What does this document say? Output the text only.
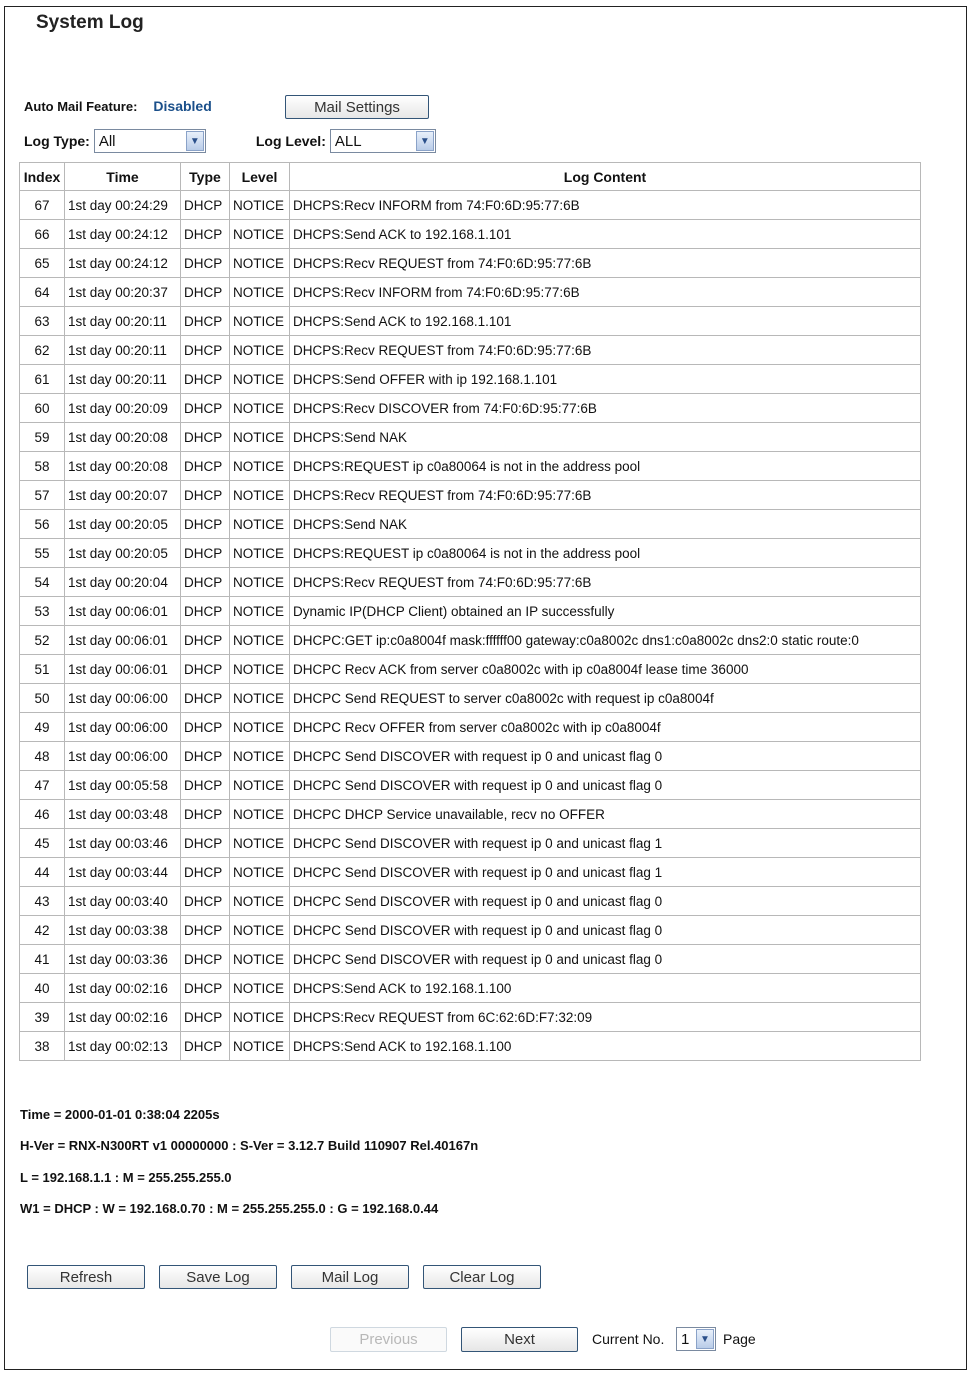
System Log
Auto Mail Feature: Disabled	Mail Settings
Log Type: All	▼	Log Level: ALL	▼
Index	Time	Type	Level	Log Content
67	1st day 00:24:29	DHCP	NOTICE	DHCPS:Recv INFORM from 74:F0:6D:95:77:6B
66	1st day 00:24:12	DHCP	NOTICE	DHCPS:Send ACK to 192.168.1.101
65	1st day 00:24:12	DHCP	NOTICE	DHCPS:Recv REQUEST from 74:F0:6D:95:77:6B
64	1st day 00:20:37	DHCP	NOTICE	DHCPS:Recv INFORM from 74:F0:6D:95:77:6B
63	1st day 00:20:11	DHCP	NOTICE	DHCPS:Send ACK to 192.168.1.101
62	1st day 00:20:11	DHCP	NOTICE	DHCPS:Recv REQUEST from 74:F0:6D:95:77:6B
61	1st day 00:20:11	DHCP	NOTICE	DHCPS:Send OFFER with ip 192.168.1.101
60	1st day 00:20:09	DHCP	NOTICE	DHCPS:Recv DISCOVER from 74:F0:6D:95:77:6B
59	1st day 00:20:08	DHCP	NOTICE	DHCPS:Send NAK
58	1st day 00:20:08	DHCP	NOTICE	DHCPS:REQUEST ip c0a80064 is not in the address pool
57	1st day 00:20:07	DHCP	NOTICE	DHCPS:Recv REQUEST from 74:F0:6D:95:77:6B
56	1st day 00:20:05	DHCP	NOTICE	DHCPS:Send NAK
55	1st day 00:20:05	DHCP	NOTICE	DHCPS:REQUEST ip c0a80064 is not in the address pool
54	1st day 00:20:04	DHCP	NOTICE	DHCPS:Recv REQUEST from 74:F0:6D:95:77:6B
53	1st day 00:06:01	DHCP	NOTICE	Dynamic IP(DHCP Client) obtained an IP successfully
52	1st day 00:06:01	DHCP	NOTICE	DHCPC:GET ip:c0a8004f mask:ffffff00 gateway:c0a8002c dns1:c0a8002c dns2:0 static route:0
51	1st day 00:06:01	DHCP	NOTICE	DHCPC Recv ACK from server c0a8002c with ip c0a8004f lease time 36000
50	1st day 00:06:00	DHCP	NOTICE	DHCPC Send REQUEST to server c0a8002c with request ip c0a8004f
49	1st day 00:06:00	DHCP	NOTICE	DHCPC Recv OFFER from server c0a8002c with ip c0a8004f
48	1st day 00:06:00	DHCP	NOTICE	DHCPC Send DISCOVER with request ip 0 and unicast flag 0
47	1st day 00:05:58	DHCP	NOTICE	DHCPC Send DISCOVER with request ip 0 and unicast flag 0
46	1st day 00:03:48	DHCP	NOTICE	DHCPC DHCP Service unavailable, recv no OFFER
45	1st day 00:03:46	DHCP	NOTICE	DHCPC Send DISCOVER with request ip 0 and unicast flag 1
44	1st day 00:03:44	DHCP	NOTICE	DHCPC Send DISCOVER with request ip 0 and unicast flag 1
43	1st day 00:03:40	DHCP	NOTICE	DHCPC Send DISCOVER with request ip 0 and unicast flag 0
42	1st day 00:03:38	DHCP	NOTICE	DHCPC Send DISCOVER with request ip 0 and unicast flag 0
41	1st day 00:03:36	DHCP	NOTICE	DHCPC Send DISCOVER with request ip 0 and unicast flag 0
40	1st day 00:02:16	DHCP	NOTICE	DHCPS:Send ACK to 192.168.1.100
39	1st day 00:02:16	DHCP	NOTICE	DHCPS:Recv REQUEST from 6C:62:6D:F7:32:09
38	1st day 00:02:13	DHCP	NOTICE	DHCPS:Send ACK to 192.168.1.100
Time = 2000-01-01 0:38:04 2205s
H-Ver = RNX-N300RT v1 00000000 : S-Ver = 3.12.7 Build 110907 Rel.40167n
L = 192.168.1.1 : M = 255.255.255.0
W1 = DHCP : W = 192.168.0.70 : M = 255.255.255.0 : G = 192.168.0.44
Refresh	Save Log	Mail Log	Clear Log
Previous	Next	Current No. 1	▼ Page
